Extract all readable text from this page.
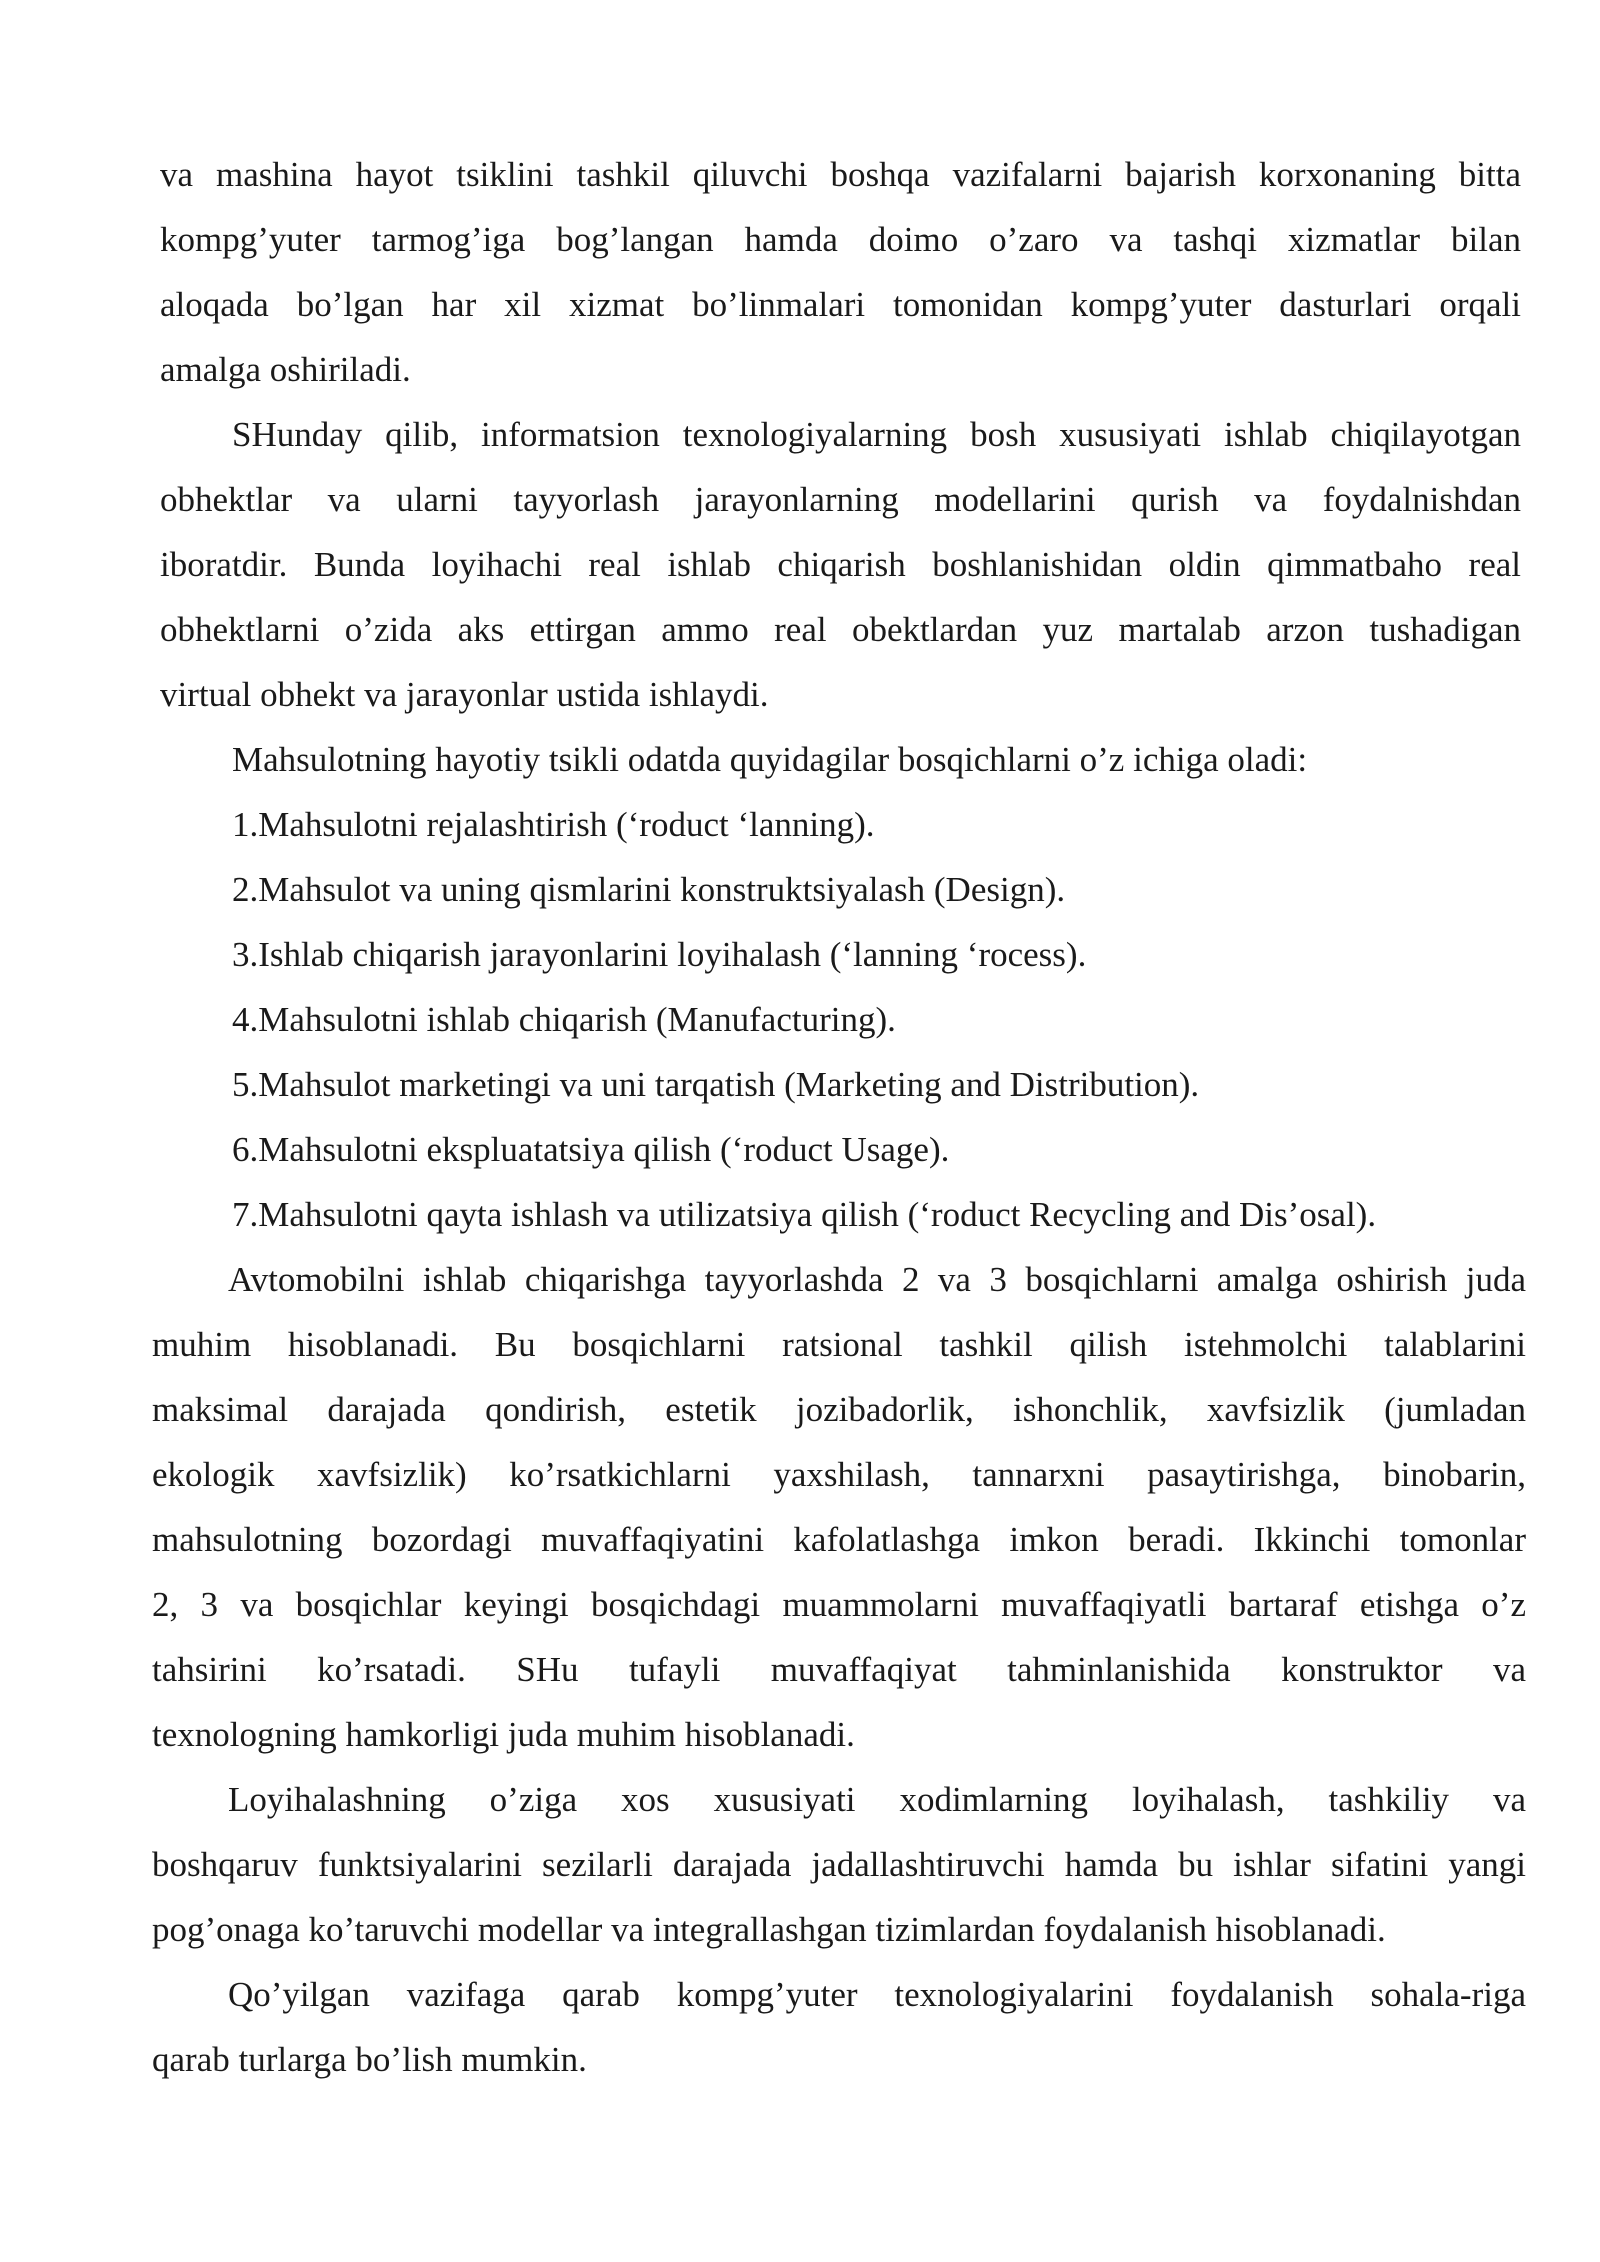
va mashina hayot tsiklini tashkil qiluvchi boshqa vazifalarni bajarish korxonaning bitta
kompg’yuter tarmog’iga bog’langan hamda doimo o’zaro va tashqi xizmatlar bilan
aloqada bo’lgan har xil xizmat bo’linmalari tomonidan kompg’yuter dasturlari orqali
amalga oshiriladi.
SHunday qilib, informatsion texnologiyalarning bosh xususiyati ishlab chiqilayotgan
obhektlar va ularni tayyorlash jarayonlarning modellarini qurish va foydalnishdan
iboratdir. Bunda loyihachi real ishlab chiqarish boshlanishidan oldin qimmatbaho real
obhektlarni o’zida aks ettirgan ammo real obektlardan yuz martalab arzon tushadigan
virtual obhekt va jarayonlar ustida ishlaydi.
Mahsulotning hayotiy tsikli odatda quyidagilar bosqichlarni o’z ichiga oladi:
1.Mahsulotni rejalashtirish (‘roduct ‘lanning).
2.Mahsulot va uning qismlarini konstruktsiyalash (Design).
3.Ishlab chiqarish jarayonlarini loyihalash (‘lanning ‘rocess).
4.Mahsulotni ishlab chiqarish (Manufacturing).
5.Mahsulot marketingi va uni tarqatish (Marketing and Distribution).
6.Mahsulotni ekspluatatsiya qilish (‘roduct Usage).
7.Mahsulotni qayta ishlash va utilizatsiya qilish (‘roduct Recycling and Dis’osal).
Avtomobilni ishlab chiqarishga tayyorlashda 2 va 3 bosqichlarni amalga oshirish juda
muhim hisoblanadi. Bu bosqichlarni ratsional tashkil qilish istehmolchi talablarini
maksimal darajada qondirish, estetik jozibadorlik, ishonchlik, xavfsizlik (jumladan
ekologik xavfsizlik) ko’rsatkichlarni yaxshilash, tannarxni pasaytirishga, binobarin,
mahsulotning bozordagi muvaffaqiyatini kafolatlashga imkon beradi. Ikkinchi tomonlar
2, 3 va bosqichlar keyingi bosqichdagi muammolarni muvaffaqiyatli bartaraf etishga o’z
tahsirini ko’rsatadi. SHu tufayli muvaffaqiyat tahminlanishida konstruktor va
texnologning hamkorligi juda muhim hisoblanadi.
Loyihalashning o’ziga xos xususiyati xodimlarning loyihalash, tashkiliy va
boshqaruv funktsiyalarini sezilarli darajada jadallashtiruvchi hamda bu ishlar sifatini yangi
pog’onaga ko’taruvchi modellar va integrallashgan tizimlardan foydalanish hisoblanadi.
Qo’yilgan vazifaga qarab kompg’yuter texnologiyalarini foydalanish sohala-riga
qarab turlarga bo’lish mumkin.
